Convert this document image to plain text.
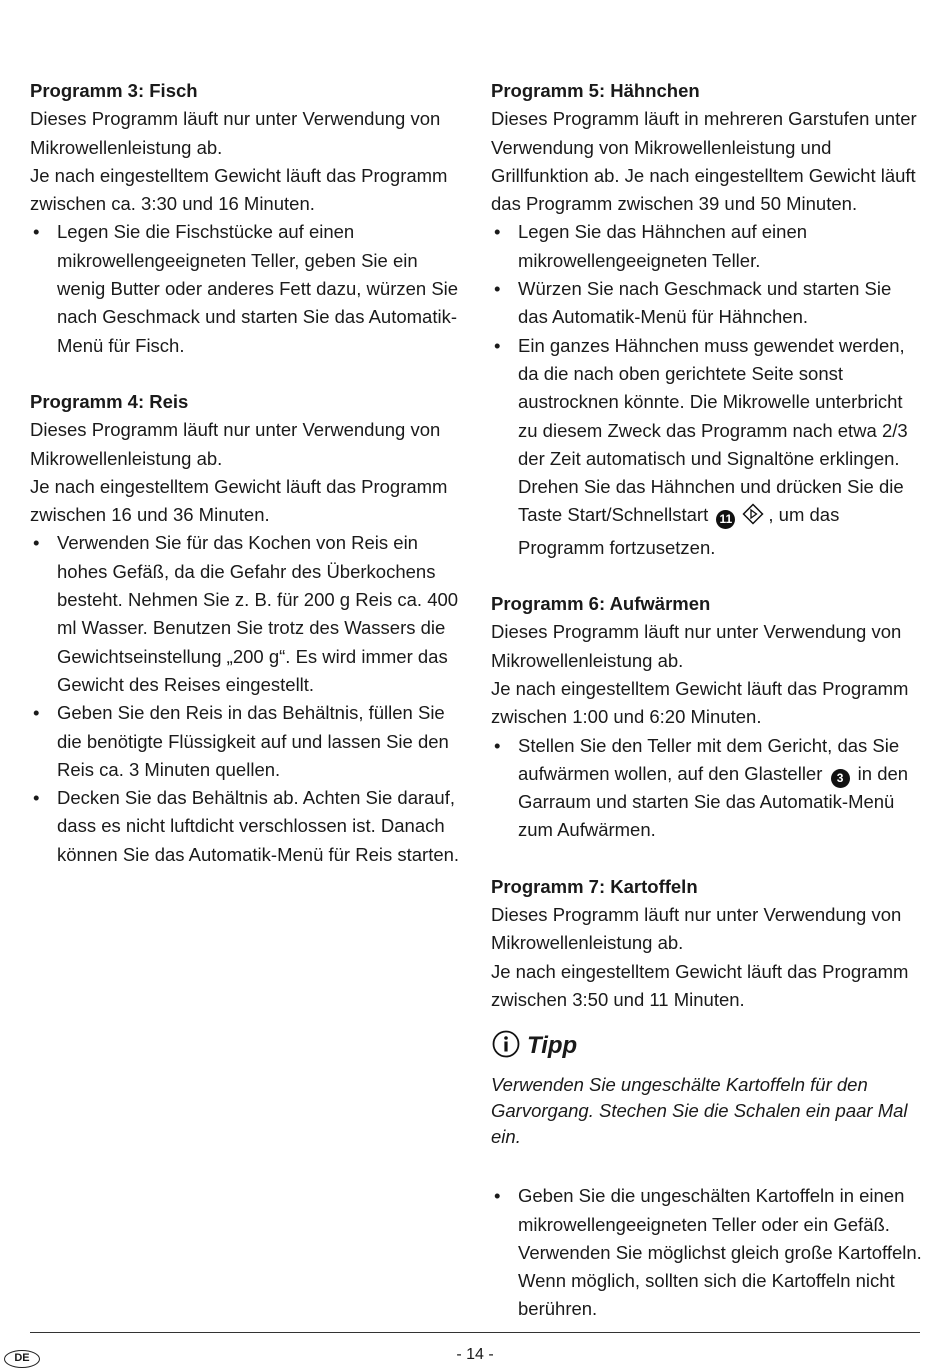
Programm 3: Fisch

Dieses Programm läuft nur unter Verwendung von Mikrowellenleistung ab.

Je nach eingestelltem Gewicht läuft das Programm zwischen ca. 3:30 und 16 Minuten.

• Legen Sie die Fischstücke auf einen mikrowellengeeigneten Teller, geben Sie ein wenig Butter oder anderes Fett dazu, würzen Sie nach Geschmack und starten Sie das Automatik-Menü für Fisch.

Programm 4: Reis

Dieses Programm läuft nur unter Verwendung von Mikrowellenleistung ab.

Je nach eingestelltem Gewicht läuft das Programm zwischen 16 und 36 Minuten.

• Verwenden Sie für das Kochen von Reis ein hohes Gefäß, da die Gefahr des Überkochens besteht. Nehmen Sie z. B. für 200 g Reis ca. 400 ml Wasser. Benutzen Sie trotz des Wassers die Gewichtseinstellung „200 g“. Es wird immer das Gewicht des Reises eingestellt.
• Geben Sie den Reis in das Behältnis, füllen Sie die benötigte Flüssigkeit auf und lassen Sie den Reis ca. 3 Minuten quellen.
• Decken Sie das Behältnis ab. Achten Sie darauf, dass es nicht luftdicht verschlossen ist. Danach können Sie das Automatik-Menü für Reis starten.

Programm 5: Hähnchen

Dieses Programm läuft in mehreren Garstufen unter Verwendung von Mikrowellenleistung und Grillfunktion ab. Je nach eingestelltem Gewicht läuft das Programm zwischen 39 und 50 Minuten.

• Legen Sie das Hähnchen auf einen mikrowellengeeigneten Teller.
• Würzen Sie nach Geschmack und starten Sie das Automatik-Menü für Hähnchen.
• Ein ganzes Hähnchen muss gewendet werden, da die nach oben gerichtete Seite sonst austrocknen könnte. Die Mikrowelle unterbricht zu diesem Zweck das Programm nach etwa 2/3 der Zeit automatisch und Signaltöne erklingen. Drehen Sie das Hähnchen und drücken Sie die Taste Start/Schnellstart 11 , um das Programm fortzusetzen.

Programm 6: Aufwärmen

Dieses Programm läuft nur unter Verwendung von Mikrowellenleistung ab.

Je nach eingestelltem Gewicht läuft das Programm zwischen 1:00 und 6:20 Minuten.

• Stellen Sie den Teller mit dem Gericht, das Sie aufwärmen wollen, auf den Glasteller 3 in den Garraum und starten Sie das Automatik-Menü zum Aufwärmen.

Programm 7: Kartoffeln

Dieses Programm läuft nur unter Verwendung von Mikrowellenleistung ab.

Je nach eingestelltem Gewicht läuft das Programm zwischen 3:50 und 11 Minuten.

Tipp

Verwenden Sie ungeschälte Kartoffeln für den Garvorgang. Stechen Sie die Schalen ein paar Mal ein.

• Geben Sie die ungeschälten Kartoffeln in einen mikrowellengeeigneten Teller oder ein Gefäß. Verwenden Sie möglichst gleich große Kartoffeln. Wenn möglich, sollten sich die Kartoffeln nicht berühren.
DE	- 14 -
